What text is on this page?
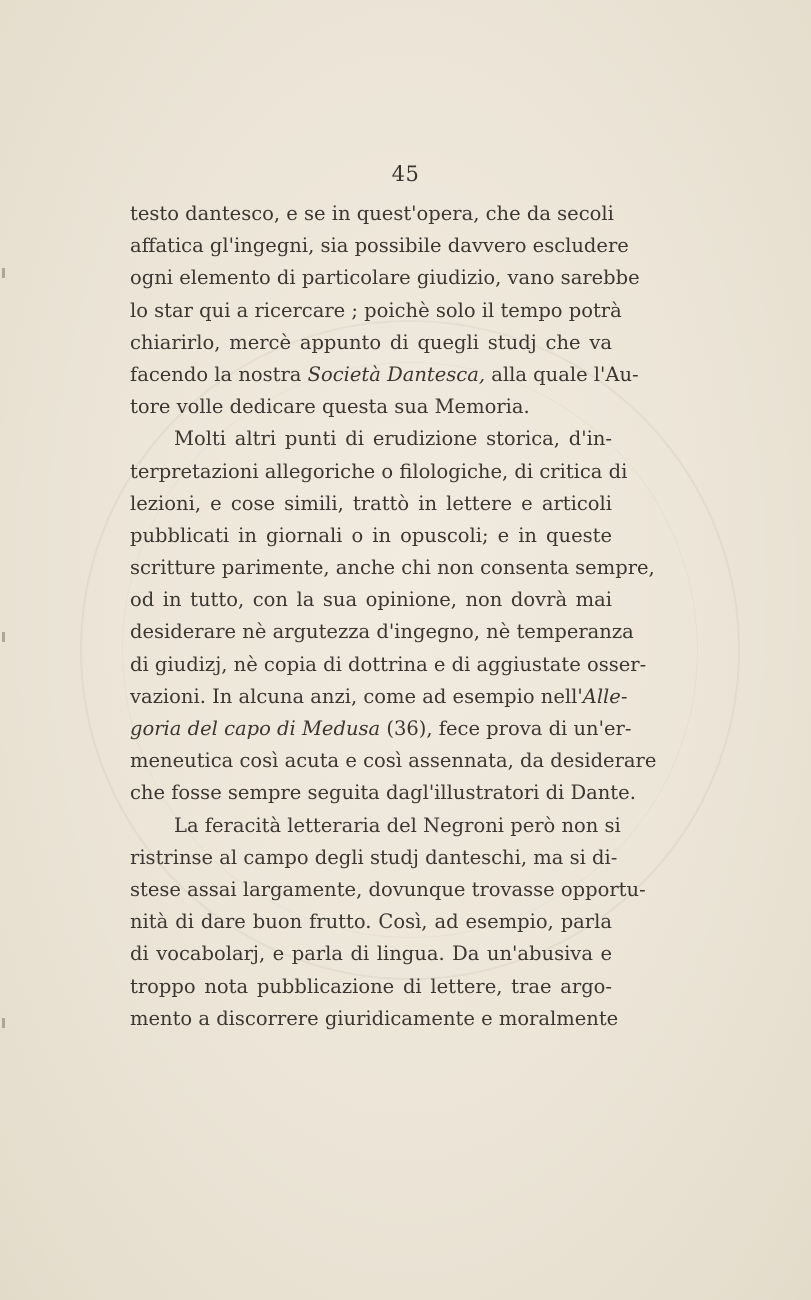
45
testo dantesco, e se in quest'opera, che da secoli
affatica gl'ingegni, sia possibile davvero escludere
ogni elemento di particolare giudizio, vano sarebbe
lo star qui a ricercare ; poichè solo il tempo potrà
chiarirlo, mercè appunto di quegli studj che va
facendo la nostra Società Dantesca, alla quale l'Au-
tore volle dedicare questa sua Memoria.
Molti altri punti di erudizione storica, d'in-
terpretazioni allegoriche o filologiche, di critica di
lezioni, e cose simili, trattò in lettere e articoli
pubblicati in giornali o in opuscoli; e in queste
scritture parimente, anche chi non consenta sempre,
od in tutto, con la sua opinione, non dovrà mai
desiderare nè argutezza d'ingegno, nè temperanza
di giudizj, nè copia di dottrina e di aggiustate osser-
vazioni. In alcuna anzi, come ad esempio nell'Alle-
goria del capo di Medusa (36), fece prova di un'er-
meneutica così acuta e così assennata, da desiderare
che fosse sempre seguita dagl'illustratori di Dante.
La feracità letteraria del Negroni però non si
ristrinse al campo degli studj danteschi, ma si di-
stese assai largamente, dovunque trovasse opportu-
nità di dare buon frutto. Così, ad esempio, parla
di vocabolarj, e parla di lingua. Da un'abusiva e
troppo nota pubblicazione di lettere, trae argo-
mento a discorrere giuridicamente e moralmente
